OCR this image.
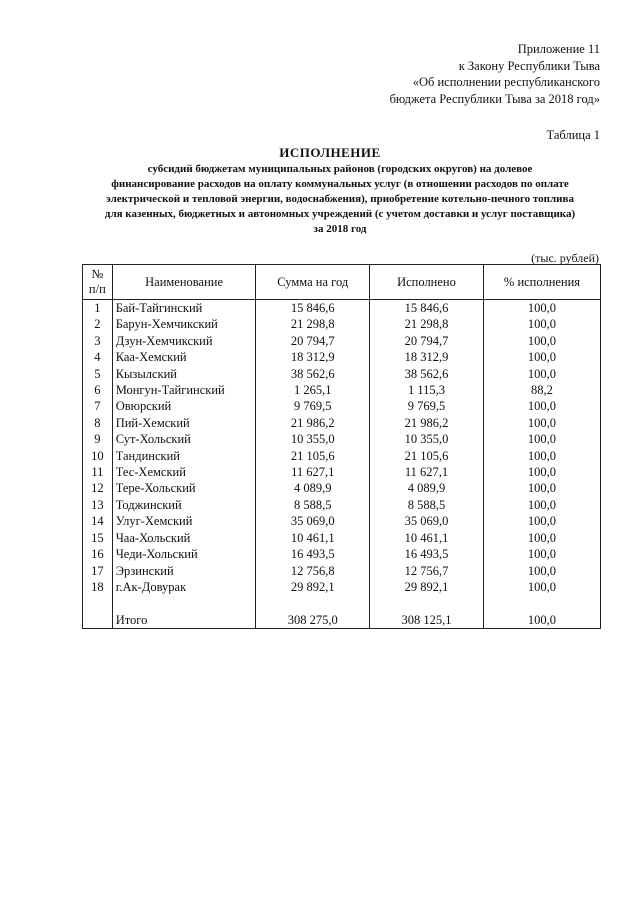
Приложение 11
к Закону Республики Тыва
«Об исполнении республиканского
бюджета Республики Тыва за 2018 год»
Таблица 1
ИСПОЛНЕНИЕ
субсидий бюджетам муниципальных районов (городских округов) на долевое
финансирование расходов на оплату коммунальных услуг (в отношении расходов по оплате
электрической и тепловой энергии, водоснабжения), приобретение котельно-печного топлива
для казенных, бюджетных и автономных учреждений (с учетом доставки и услуг поставщика)
за 2018 год
(тыс. рублей)
№
п/п	Наименование	Сумма на год	Исполнено	% исполнения
1	Бай-Тайгинский	15 846,6	15 846,6	100,0
2	Барун-Хемчикский	21 298,8	21 298,8	100,0
3	Дзун-Хемчикский	20 794,7	20 794,7	100,0
4	Каа-Хемский	18 312,9	18 312,9	100,0
5	Кызылский	38 562,6	38 562,6	100,0
6	Монгун-Тайгинский	1 265,1	1 115,3	88,2
7	Овюрский	9 769,5	9 769,5	100,0
8	Пий-Хемский	21 986,2	21 986,2	100,0
9	Сут-Хольский	10 355,0	10 355,0	100,0
10	Тандинский	21 105,6	21 105,6	100,0
11	Тес-Хемский	11 627,1	11 627,1	100,0
12	Тере-Хольский	4 089,9	4 089,9	100,0
13	Тоджинский	8 588,5	8 588,5	100,0
14	Улуг-Хемский	35 069,0	35 069,0	100,0
15	Чаа-Хольский	10 461,1	10 461,1	100,0
16	Чеди-Хольский	16 493,5	16 493,5	100,0
17	Эрзинский	12 756,8	12 756,7	100,0
18	г.Ак-Довурак	29 892,1	29 892,1	100,0

	Итого	308 275,0	308 125,1	100,0
